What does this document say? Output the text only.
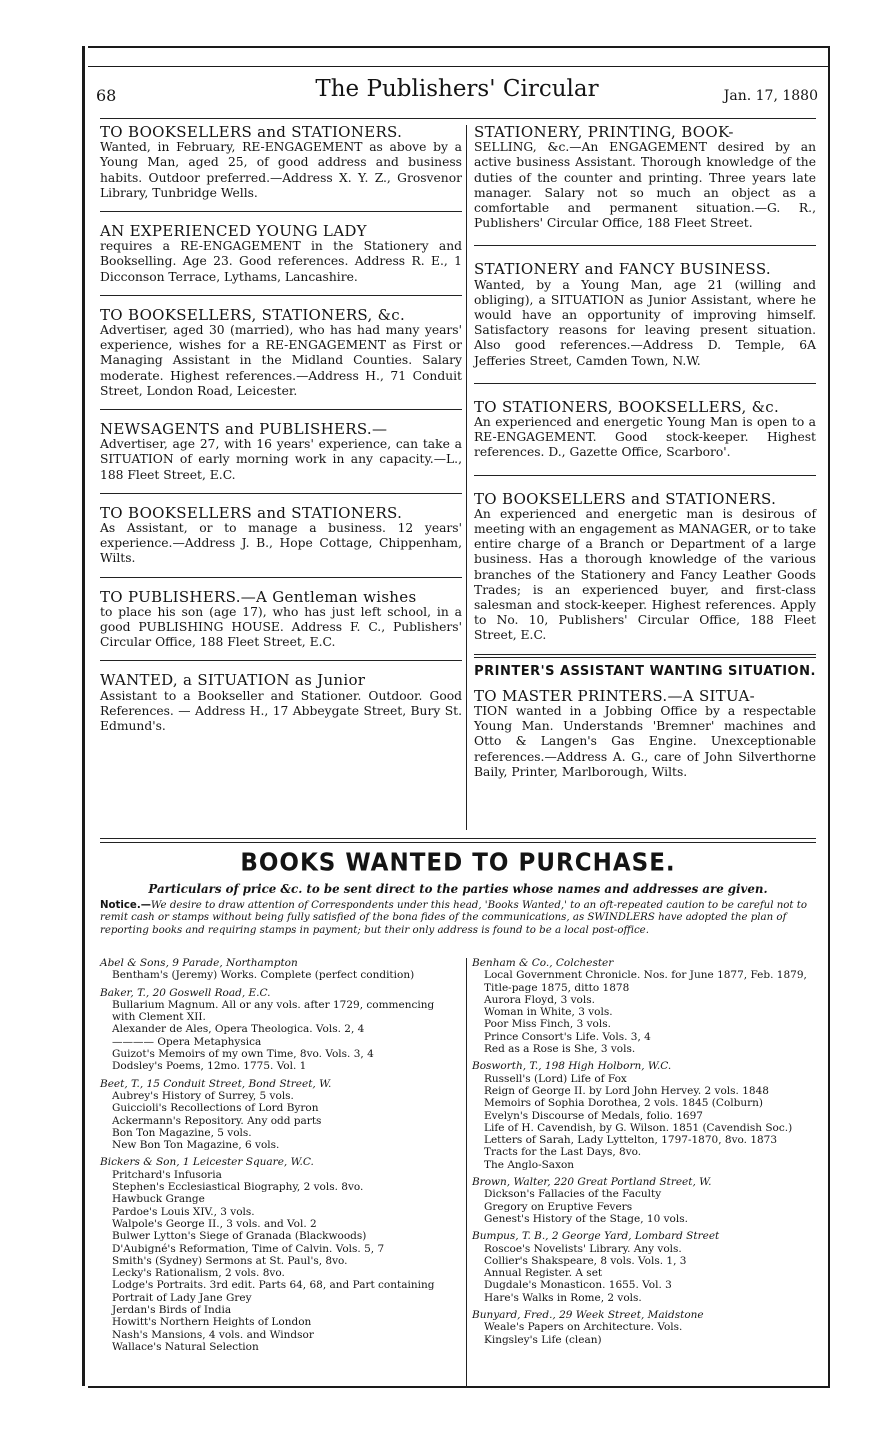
68	The Publishers' Circular	Jan. 17, 1880
TO BOOKSELLERS and STATIONERS.
Wanted, in February, RE-ENGAGEMENT as above by a Young Man, aged 25, of good address and business habits. Outdoor preferred.—Address X. Y. Z., Grosvenor Library, Tunbridge Wells.
AN EXPERIENCED YOUNG LADY
requires a RE-ENGAGEMENT in the Stationery and Bookselling. Age 23. Good references. Address R. E., 1 Dicconson Terrace, Lythams, Lancashire.
TO BOOKSELLERS, STATIONERS, &c.
Advertiser, aged 30 (married), who has had many years' experience, wishes for a RE-ENGAGEMENT as First or Managing Assistant in the Midland Counties. Salary moderate. Highest references.—Address H., 71 Conduit Street, London Road, Leicester.
NEWSAGENTS and PUBLISHERS.—
Advertiser, age 27, with 16 years' experience, can take a SITUATION of early morning work in any capacity.—L., 188 Fleet Street, E.C.
TO BOOKSELLERS and STATIONERS.
As Assistant, or to manage a business. 12 years' experience.—Address J. B., Hope Cottage, Chippenham, Wilts.
TO PUBLISHERS.—A Gentleman wishes
to place his son (age 17), who has just left school, in a good PUBLISHING HOUSE. Address F. C., Publishers' Circular Office, 188 Fleet Street, E.C.
WANTED, a SITUATION as Junior
Assistant to a Bookseller and Stationer. Outdoor. Good References. — Address H., 17 Abbeygate Street, Bury St. Edmund's.
STATIONERY, PRINTING, BOOK-
SELLING, &c.—An ENGAGEMENT desired by an active business Assistant. Thorough knowledge of the duties of the counter and printing. Three years late manager. Salary not so much an object as a comfortable and permanent situation.—G. R., Publishers' Circular Office, 188 Fleet Street.
STATIONERY and FANCY BUSINESS.
Wanted, by a Young Man, age 21 (willing and obliging), a SITUATION as Junior Assistant, where he would have an opportunity of improving himself. Satisfactory reasons for leaving present situation. Also good references.—Address D. Temple, 6A Jefferies Street, Camden Town, N.W.
TO STATIONERS, BOOKSELLERS, &c.
An experienced and energetic Young Man is open to a RE-ENGAGEMENT. Good stock-keeper. Highest references. D., Gazette Office, Scarboro'.
TO BOOKSELLERS and STATIONERS.
An experienced and energetic man is desirous of meeting with an engagement as MANAGER, or to take entire charge of a Branch or Department of a large business. Has a thorough knowledge of the various branches of the Stationery and Fancy Leather Goods Trades; is an experienced buyer, and first-class salesman and stock-keeper. Highest references. Apply to No. 10, Publishers' Circular Office, 188 Fleet Street, E.C.
PRINTER'S ASSISTANT WANTING SITUATION.
TO MASTER PRINTERS.—A SITUA-
TION wanted in a Jobbing Office by a respectable Young Man. Understands 'Bremner' machines and Otto & Langen's Gas Engine. Unexceptionable references.—Address A. G., care of John Silverthorne Baily, Printer, Marlborough, Wilts.
BOOKS WANTED TO PURCHASE.
Particulars of price &c. to be sent direct to the parties whose names and addresses are given.
Notice.—We desire to draw attention of Correspondents under this head, 'Books Wanted,' to an oft-repeated caution to be careful not to remit cash or stamps without being fully satisfied of the bona fides of the communications, as SWINDLERS have adopted the plan of reporting books and requiring stamps in payment; but their only address is found to be a local post-office.
Abel & Sons, 9 Parade, Northampton
Bentham's (Jeremy) Works. Complete (perfect condition)
Baker, T., 20 Goswell Road, E.C.
Bullarium Magnum. All or any vols. after 1729, commencing with Clement XII.
Alexander de Ales, Opera Theologica. Vols. 2, 4
———— Opera Metaphysica
Guizot's Memoirs of my own Time, 8vo. Vols. 3, 4
Dodsley's Poems, 12mo. 1775. Vol. 1
Beet, T., 15 Conduit Street, Bond Street, W.
Aubrey's History of Surrey, 5 vols.
Guiccioli's Recollections of Lord Byron
Ackermann's Repository. Any odd parts
Bon Ton Magazine, 5 vols.
New Bon Ton Magazine, 6 vols.
Bickers & Son, 1 Leicester Square, W.C.
Pritchard's Infusoria
Stephen's Ecclesiastical Biography, 2 vols. 8vo.
Hawbuck Grange
Pardoe's Louis XIV., 3 vols.
Walpole's George II., 3 vols. and Vol. 2
Bulwer Lytton's Siege of Granada (Blackwoods)
D'Aubigné's Reformation, Time of Calvin. Vols. 5, 7
Smith's (Sydney) Sermons at St. Paul's, 8vo.
Lecky's Rationalism, 2 vols. 8vo.
Lodge's Portraits. 3rd edit. Parts 64, 68, and Part containing Portrait of Lady Jane Grey
Jerdan's Birds of India
Howitt's Northern Heights of London
Nash's Mansions, 4 vols. and Windsor
Wallace's Natural Selection
Benham & Co., Colchester
Local Government Chronicle. Nos. for June 1877, Feb. 1879, Title-page 1875, ditto 1878
Aurora Floyd, 3 vols.
Woman in White, 3 vols.
Poor Miss Finch, 3 vols.
Prince Consort's Life. Vols. 3, 4
Red as a Rose is She, 3 vols.
Bosworth, T., 198 High Holborn, W.C.
Russell's (Lord) Life of Fox
Reign of George II. by Lord John Hervey. 2 vols. 1848
Memoirs of Sophia Dorothea, 2 vols. 1845 (Colburn)
Evelyn's Discourse of Medals, folio. 1697
Life of H. Cavendish, by G. Wilson. 1851 (Cavendish Soc.)
Letters of Sarah, Lady Lyttelton, 1797-1870, 8vo. 1873
Tracts for the Last Days, 8vo.
The Anglo-Saxon
Brown, Walter, 220 Great Portland Street, W.
Dickson's Fallacies of the Faculty
Gregory on Eruptive Fevers
Genest's History of the Stage, 10 vols.
Bumpus, T. B., 2 George Yard, Lombard Street
Roscoe's Novelists' Library. Any vols.
Collier's Shakspeare, 8 vols. Vols. 1, 3
Annual Register. A set
Dugdale's Monasticon. 1655. Vol. 3
Hare's Walks in Rome, 2 vols.
Bunyard, Fred., 29 Week Street, Maidstone
Weale's Papers on Architecture. Vols.
Kingsley's Life (clean)
